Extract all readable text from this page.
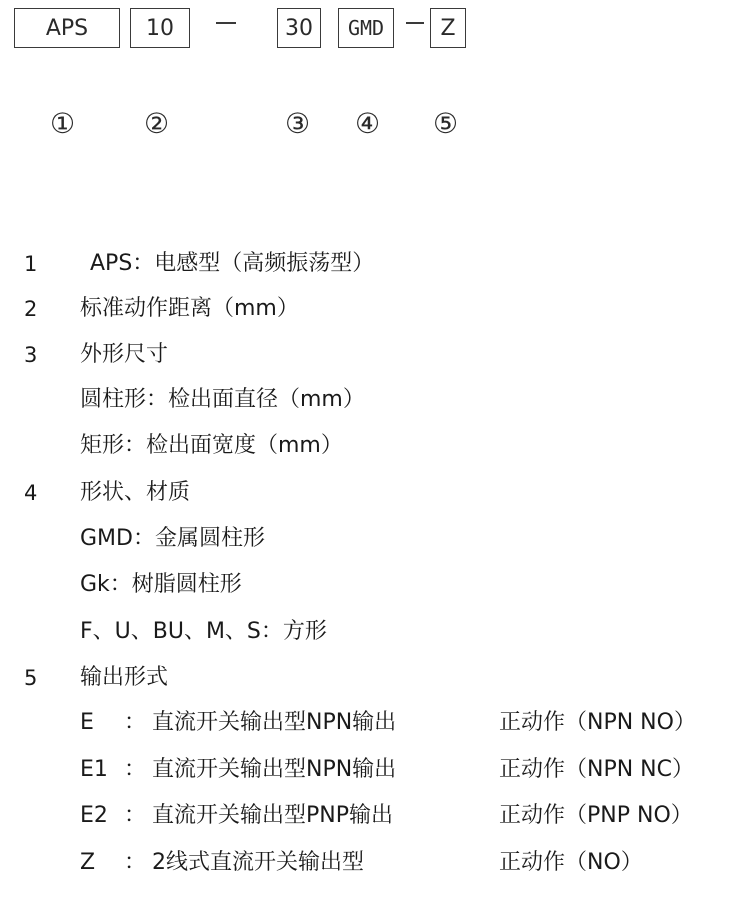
APS	10	30 GMD	Z
① ②	③ ④ ⑤
1 APS：电感型（高频振荡型）
2 标准动作距离（mm）
3 外形尺寸
圆柱形：检出面直径（mm）
矩形：检出面宽度（mm）
4 形状、材质
GMD：金属圆柱形
Gk：树脂圆柱形
F、U、BU、M、S：方形
5 输出形式
E ： 直流开关输出型NPN输出	正动作（NPN NO）
E1 ： 直流开关输出型NPN输出	正动作（NPN NC）
E2 ： 直流开关输出型PNP输出	正动作（PNP NO）
Z ： 2线式直流开关输出型	正动作（NO）
